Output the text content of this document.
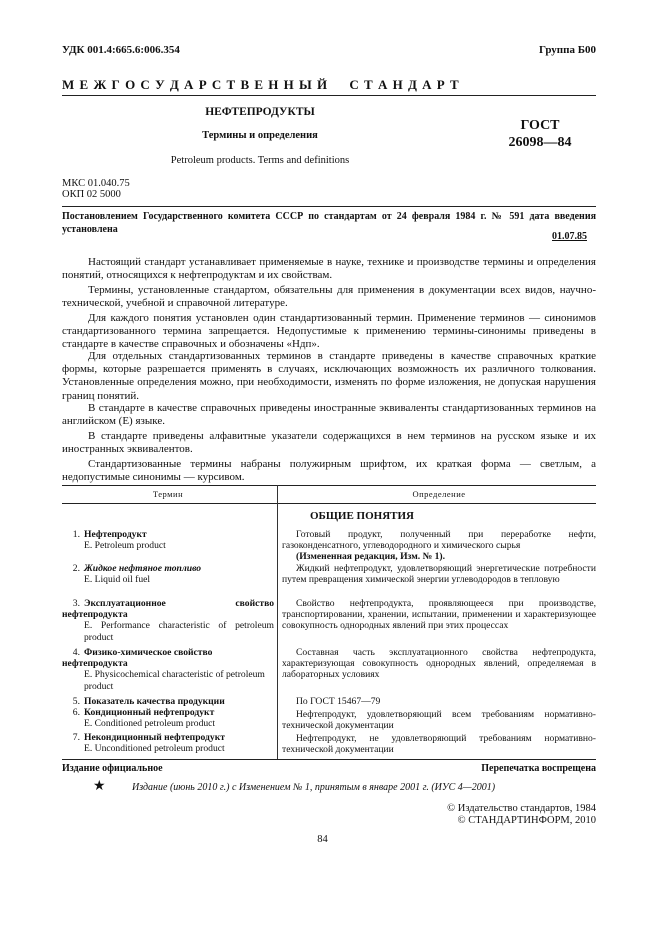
УДК 001.4:665.6:006.354	Группа Б00
М Е Ж Г О С У Д А Р С Т В Е Н Н Ы Й     С Т А Н Д А Р Т
НЕФТЕПРОДУКТЫ
Термины и определения
Petroleum products. Terms and definitions
ГОСТ
26098—84
МКС 01.040.75
ОКП 02 5000
Постановлением Государственного комитета СССР по стандартам от 24 февраля 1984 г. № 591 дата введения установлена
01.07.85
Настоящий стандарт устанавливает применяемые в науке, технике и производстве термины и определения понятий, относящихся к нефтепродуктам и их свойствам.
Термины, установленные стандартом, обязательны для применения в документации всех видов, научно-технической, учебной и справочной литературе.
Для каждого понятия установлен один стандартизованный термин. Применение терминов — синонимов стандартизованного термина запрещается. Недопустимые к применению термины-синонимы приведены в стандарте в качестве справочных и обозначены «Ндп».
Для отдельных стандартизованных терминов в стандарте приведены в качестве справочных краткие формы, которые разрешается применять в случаях, исключающих возможность их различного толкования. Установленные определения можно, при необходимости, изменять по форме изложения, не допуская нарушения границ понятий.
В стандарте в качестве справочных приведены иностранные эквиваленты стандартизованных терминов на английском (Е) языке.
В стандарте приведены алфавитные указатели содержащихся в нем терминов на русском языке и их иностранных эквивалентов.
Стандартизованные термины набраны полужирным шрифтом, их краткая форма — светлым, а недопустимые синонимы — курсивом.
Термин	Определение
ОБЩИЕ ПОНЯТИЯ
1. Нефтепродукт
E. Petroleum product
Готовый продукт, полученный при переработке нефти, газоконденсатного, углеводородного и химического сырья
(Измененная редакция, Изм. № 1).
2. Жидкое нефтяное топливо
E. Liquid oil fuel
Жидкий нефтепродукт, удовлетворяющий энергетические потребности путем превращения химической энергии углеводородов в тепловую
3. Эксплуатационное свойство нефтепродукта
E. Performance characteristic of petroleum product
Свойство нефтепродукта, проявляющееся при производстве, транспортировании, хранении, испытании, применении и характеризующее совокупность однородных явлений при этих процессах
4. Физико-химическое свойство нефтепродукта
E. Physicochemical characteristic of petroleum product
Составная часть эксплуатационного свойства нефтепродукта, характеризующая совокупность однородных явлений, определяемая в лабораторных условиях
5. Показатель качества продукции	По ГОСТ 15467—79
6. Кондиционный нефтепродукт
E. Conditioned petroleum product
Нефтепродукт, удовлетворяющий всем требованиям нормативно-технической документации
7. Некондиционный нефтепродукт
E. Unconditioned petroleum product
Нефтепродукт, не удовлетворяющий требованиям нормативно-технической документации
Издание официальное	Перепечатка воспрещена
★	Издание (июнь 2010 г.) с Изменением № 1, принятым в январе 2001 г. (ИУС 4—2001)
© Издательство стандартов, 1984
© СТАНДАРТИНФОРМ, 2010
84
